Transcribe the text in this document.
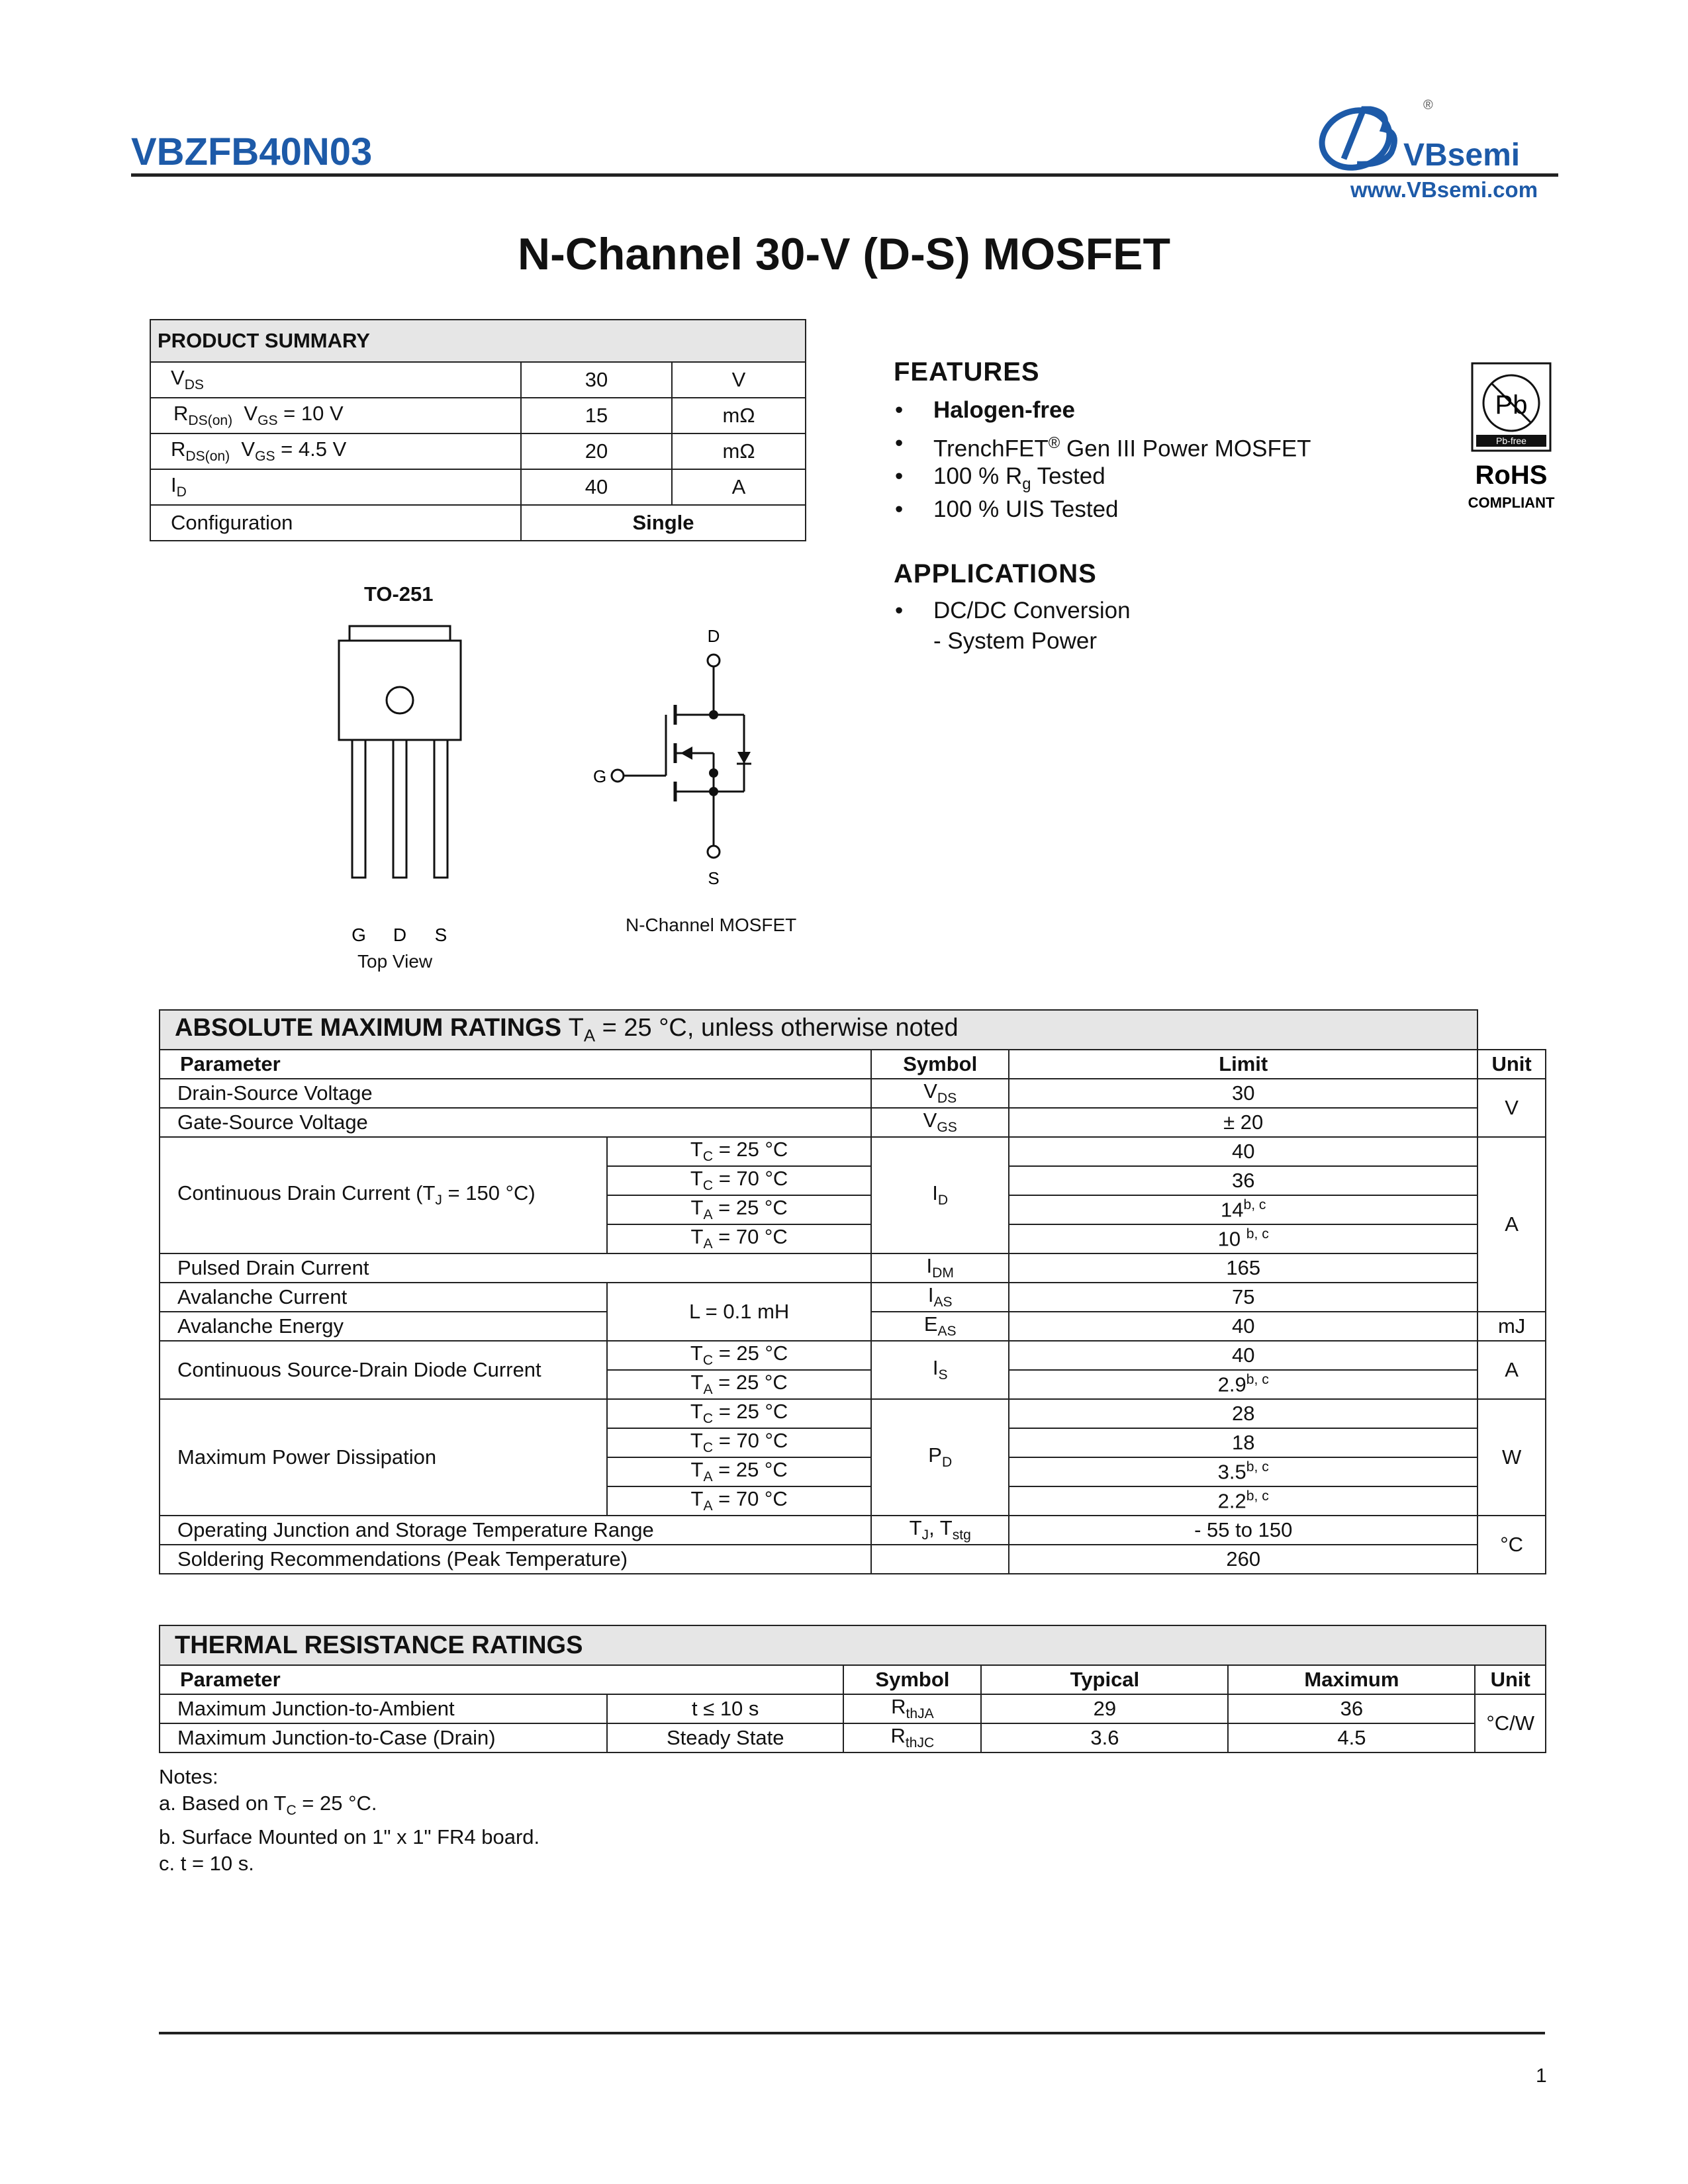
VBZFB40N03	VBsemi
®
www.VBsemi.com
N-Channel 30-V (D-S) MOSFET
PRODUCT SUMMARY		
$V_{DS}$	30	V
$R_{DS(on)}$ $V_{GS} = 10$ V	15	mΩ
$R_{DS(on)}$ $V_{GS} = 4.5$ V	20	mΩ
$I_D$	40	A
Configuration	Single	
TO-251
G D S
Top View
D
G
S
N-Channel MOSFET
FEATURES
• Halogen-free
• TrenchFET® Gen III Power MOSFET
• 100 % $R_g$ Tested
• 100 % UIS Tested
APPLICATIONS
• DC/DC Conversion
- System Power
Pb
Pb-free
RoHS
COMPLIANT
ABSOLUTE MAXIMUM RATINGS $T_A = 25$ °C, unless otherwise noted				
Parameter		Symbol	Limit	Unit
Drain-Source Voltage		$V_{DS}$	30	V
Gate-Source Voltage		$V_{GS}$	± 20	
Continuous Drain Current ($T_J = 150$ °C)	$T_C = 25$ °C	$I_D$	40	A
	$T_C = 70$ °C		36	
	$T_A = 25$ °C		14$^{b, c}$
	$T_A = 70$ °C		10 $^{b, c}$
Pulsed Drain Current		$I_{DM}$	165	
Avalanche Current	L = 0.1 mH	$I_{AS}$	75	
Avalanche Energy		$E_{AS}$	40	mJ
Continuous Source-Drain Diode Current	$T_C = 25$ °C	$I_S$	40	A
	$T_A = 25$ °C		2.9$^{b, c}$
Maximum Power Dissipation	$T_C = 25$ °C	$P_D$	28	W
	$T_C = 70$ °C		18	
	$T_A = 25$ °C		3.5$^{b, c}$
	$T_A = 70$ °C		2.2$^{b, c}$
Operating Junction and Storage Temperature Range		$T_J$, $T_{stg}$	- 55 to 150	°C
Soldering Recommendations (Peak Temperature)			260	
THERMAL RESISTANCE RATINGS					
Parameter		Symbol	Typical	Maximum	Unit
Maximum Junction-to-Ambient	t ≤ 10 s	$R_{thJA}$	29	36	°C/W
Maximum Junction-to-Case (Drain)	Steady State	$R_{thJC}$	3.6	4.5	
Notes:
a. Based on $T_C = 25$ °C.
b. Surface Mounted on 1" x 1" FR4 board.
c. t = 10 s.
1
